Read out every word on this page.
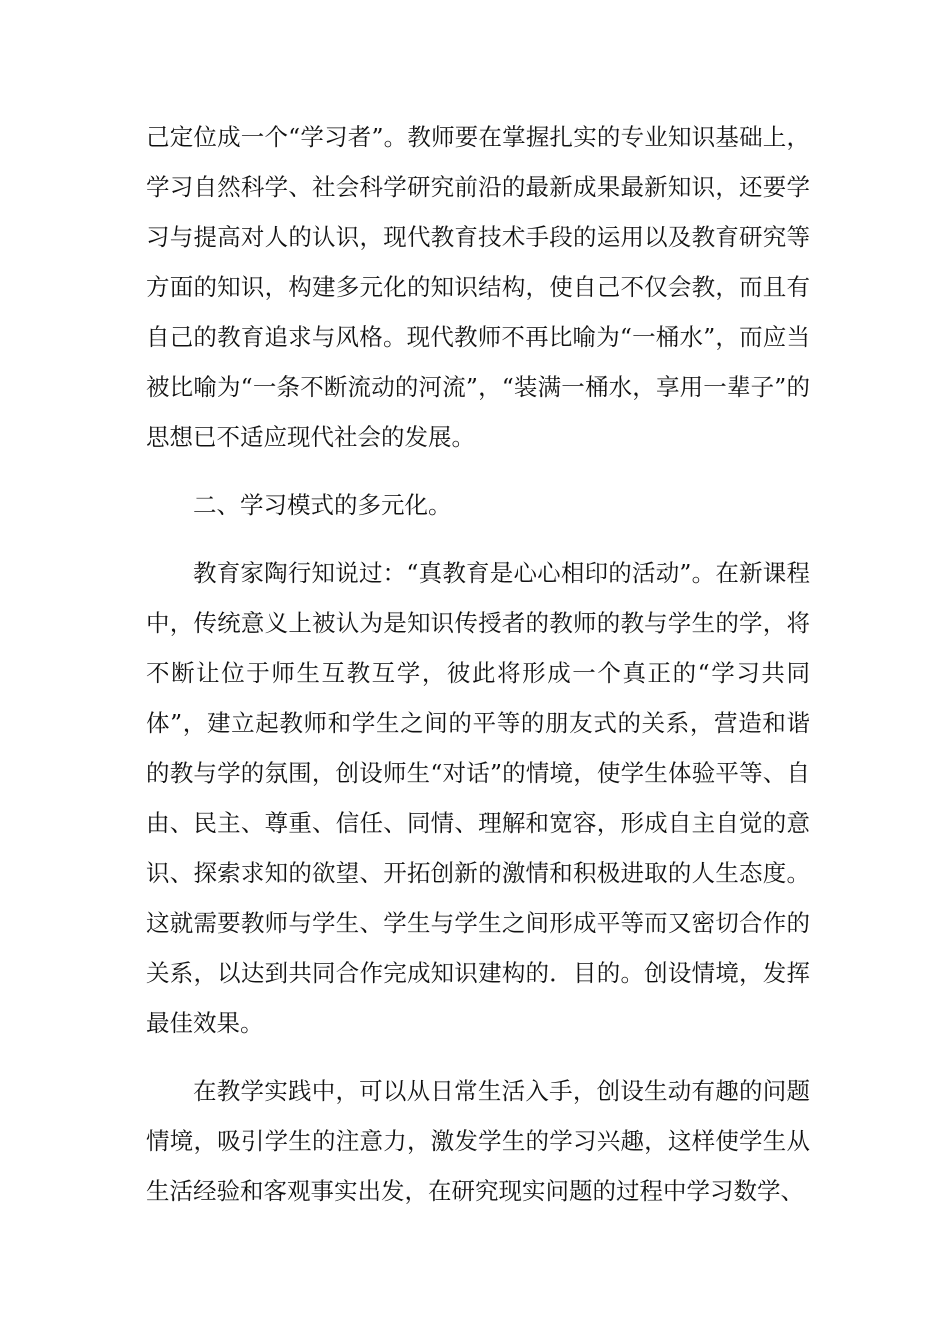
己定位成一个“学习者”。教师要在掌握扎实的专业知识基础上，学习自然科学、社会科学研究前沿的最新成果最新知识，还要学习与提高对人的认识，现代教育技术手段的运用以及教育研究等方面的知识，构建多元化的知识结构，使自己不仅会教，而且有自己的教育追求与风格。现代教师不再比喻为“一桶水”，而应当被比喻为“一条不断流动的河流”，“装满一桶水，享用一辈子”的思想已不适应现代社会的发展。

二、学习模式的多元化。

教育家陶行知说过：“真教育是心心相印的活动”。在新课程中，传统意义上被认为是知识传授者的教师的教与学生的学，将不断让位于师生互教互学，彼此将形成一个真正的“学习共同体”，建立起教师和学生之间的平等的朋友式的关系，营造和谐的教与学的氛围，创设师生“对话”的情境，使学生体验平等、自由、民主、尊重、信任、同情、理解和宽容，形成自主自觉的意识、探索求知的欲望、开拓创新的激情和积极进取的人生态度。这就需要教师与学生、学生与学生之间形成平等而又密切合作的关系，以达到共同合作完成知识建构的．目的。创设情境，发挥最佳效果。

在教学实践中，可以从日常生活入手，创设生动有趣的问题情境，吸引学生的注意力，激发学生的学习兴趣，这样使学生从生活经验和客观事实出发，在研究现实问题的过程中学习数学、
